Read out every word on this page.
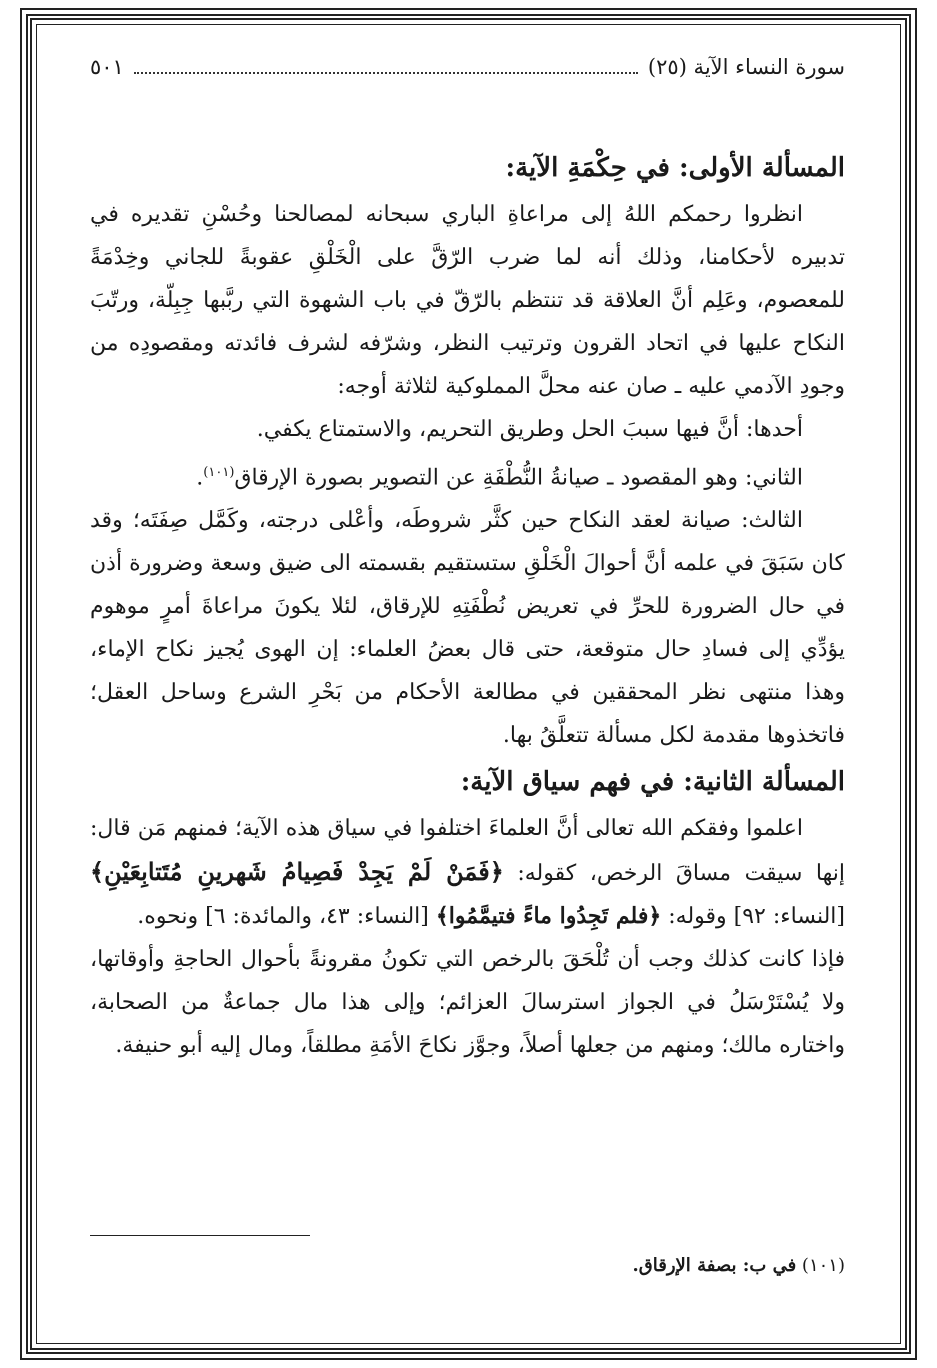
سورة النساء الآية (٢٥)
٥٠١
المسألة الأولى: في حِكْمَةِ الآية:

انظروا رحمكم اللهُ إلى مراعاةِ الباري سبحانه لمصالحنا وحُسْنِ تقديره في تدبيره لأحكامنا، وذلك أنه لما ضرب الرّقَّ على الْخَلْقِ عقوبةً للجاني وخِدْمَةً للمعصوم، وعَلِم أنَّ العلاقة قد تنتظم بالرّقّ في باب الشهوة التي ربَّبها جِبِلّة، ورتّبَ النكاح عليها في اتحاد القرون وترتيب النظر، وشرّفه لشرف فائدته ومقصودِه من وجودِ الآدمي عليه ـ صان عنه محلَّ المملوكية لثلاثة أوجه:

أحدها: أنَّ فيها سببَ الحل وطريق التحريم، والاستمتاع يكفي.

الثاني: وهو المقصود ـ صيانةُ النُّطْفَةِ عن التصوير بصورة الإرقاق$^{(١٠١)}$.

الثالث: صيانة لعقد النكاح حين كثَّر شروطَه، وأعْلى درجته، وكَمَّل صِفَتَه؛ وقد كان سَبَقَ في علمه أنَّ أحوالَ الْخَلْقِ ستستقيم بقسمته الى ضيق وسعة وضرورة أذن في حال الضرورة للحرِّ في تعريض نُطْفَتِهِ للإرقاق، لئلا يكونَ مراعاةَ أمرٍ موهوم يؤدِّي إلى فسادِ حال متوقعة، حتى قال بعضُ العلماء: إن الهوى يُجيز نكاح الإماء، وهذا منتهى نظر المحققين في مطالعة الأحكام من بَحْرِ الشرع وساحل العقل؛ فاتخذوها مقدمة لكل مسألة تتعلَّقُ بها.

المسألة الثانية: في فهم سياق الآية:

اعلموا وفقكم الله تعالى أنَّ العلماءَ اختلفوا في سياق هذه الآية؛ فمنهم مَن قال: إنها سيقت مساقَ الرخص، كقوله: ﴿فَمَنْ لَمْ يَجِدْ فَصِيامُ شَهرينِ مُتَتابِعَيْنِ﴾ [النساء: ٩٢] وقوله: ﴿فلم تَجِدُوا ماءً فتيمَّمُوا﴾ [النساء: ٤٣، والمائدة: ٦] ونحوه.

فإذا كانت كذلك وجب أن تُلْحَقَ بالرخص التي تكونُ مقرونةً بأحوال الحاجةِ وأوقاتها، ولا يُسْتَرْسَلُ في الجواز استرسالَ العزائم؛ وإلى هذا مال جماعةٌ من الصحابة، واختاره مالك؛ ومنهم من جعلها أصلاً، وجوَّز نكاحَ الأمَةِ مطلقاً، ومال إليه أبو حنيفة.

(١٠١) في ب: بصفة الإرقاق.
